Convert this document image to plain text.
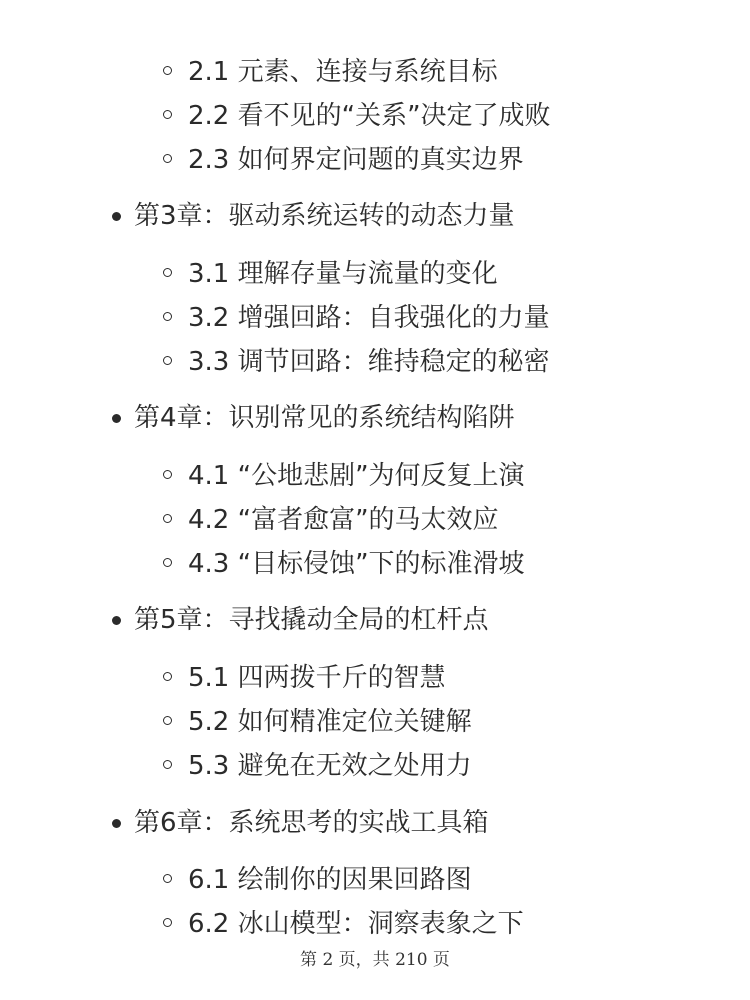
2.1 元素、连接与系统目标
2.2 看不见的“关系”决定了成败
2.3 如何界定问题的真实边界
第3章：驱动系统运转的动态力量
3.1 理解存量与流量的变化
3.2 增强回路：自我强化的力量
3.3 调节回路：维持稳定的秘密
第4章：识别常见的系统结构陷阱
4.1 “公地悲剧”为何反复上演
4.2 “富者愈富”的马太效应
4.3 “目标侵蚀”下的标准滑坡
第5章：寻找撬动全局的杠杆点
5.1 四两拨千斤的智慧
5.2 如何精准定位关键解
5.3 避免在无效之处用力
第6章：系统思考的实战工具箱
6.1 绘制你的因果回路图
6.2 冰山模型：洞察表象之下
第 2 页，共 210 页
